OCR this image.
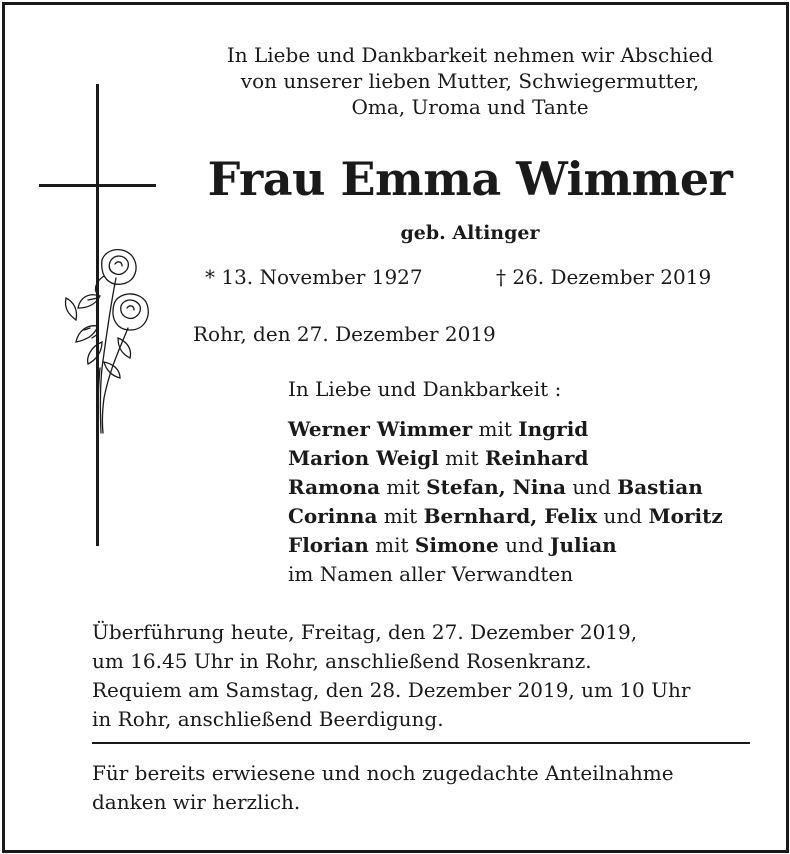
In Liebe und Dankbarkeit nehmen wir Abschied
von unserer lieben Mutter, Schwiegermutter,
Oma, Uroma und Tante

Frau Emma Wimmer
geb. Altinger
* 13. November 1927	† 26. Dezember 2019
Rohr, den 27. Dezember 2019
In Liebe und Dankbarkeit :
Werner Wimmer mit Ingrid
Marion Weigl mit Reinhard
Ramona mit Stefan, Nina und Bastian
Corinna mit Bernhard, Felix und Moritz
Florian mit Simone und Julian
im Namen aller Verwandten

Überführung heute, Freitag, den 27. Dezember 2019,
um 16.45 Uhr in Rohr, anschließend Rosenkranz.
Requiem am Samstag, den 28. Dezember 2019, um 10 Uhr
in Rohr, anschließend Beerdigung.

Für bereits erwiesene und noch zugedachte Anteilnahme
danken wir herzlich.
